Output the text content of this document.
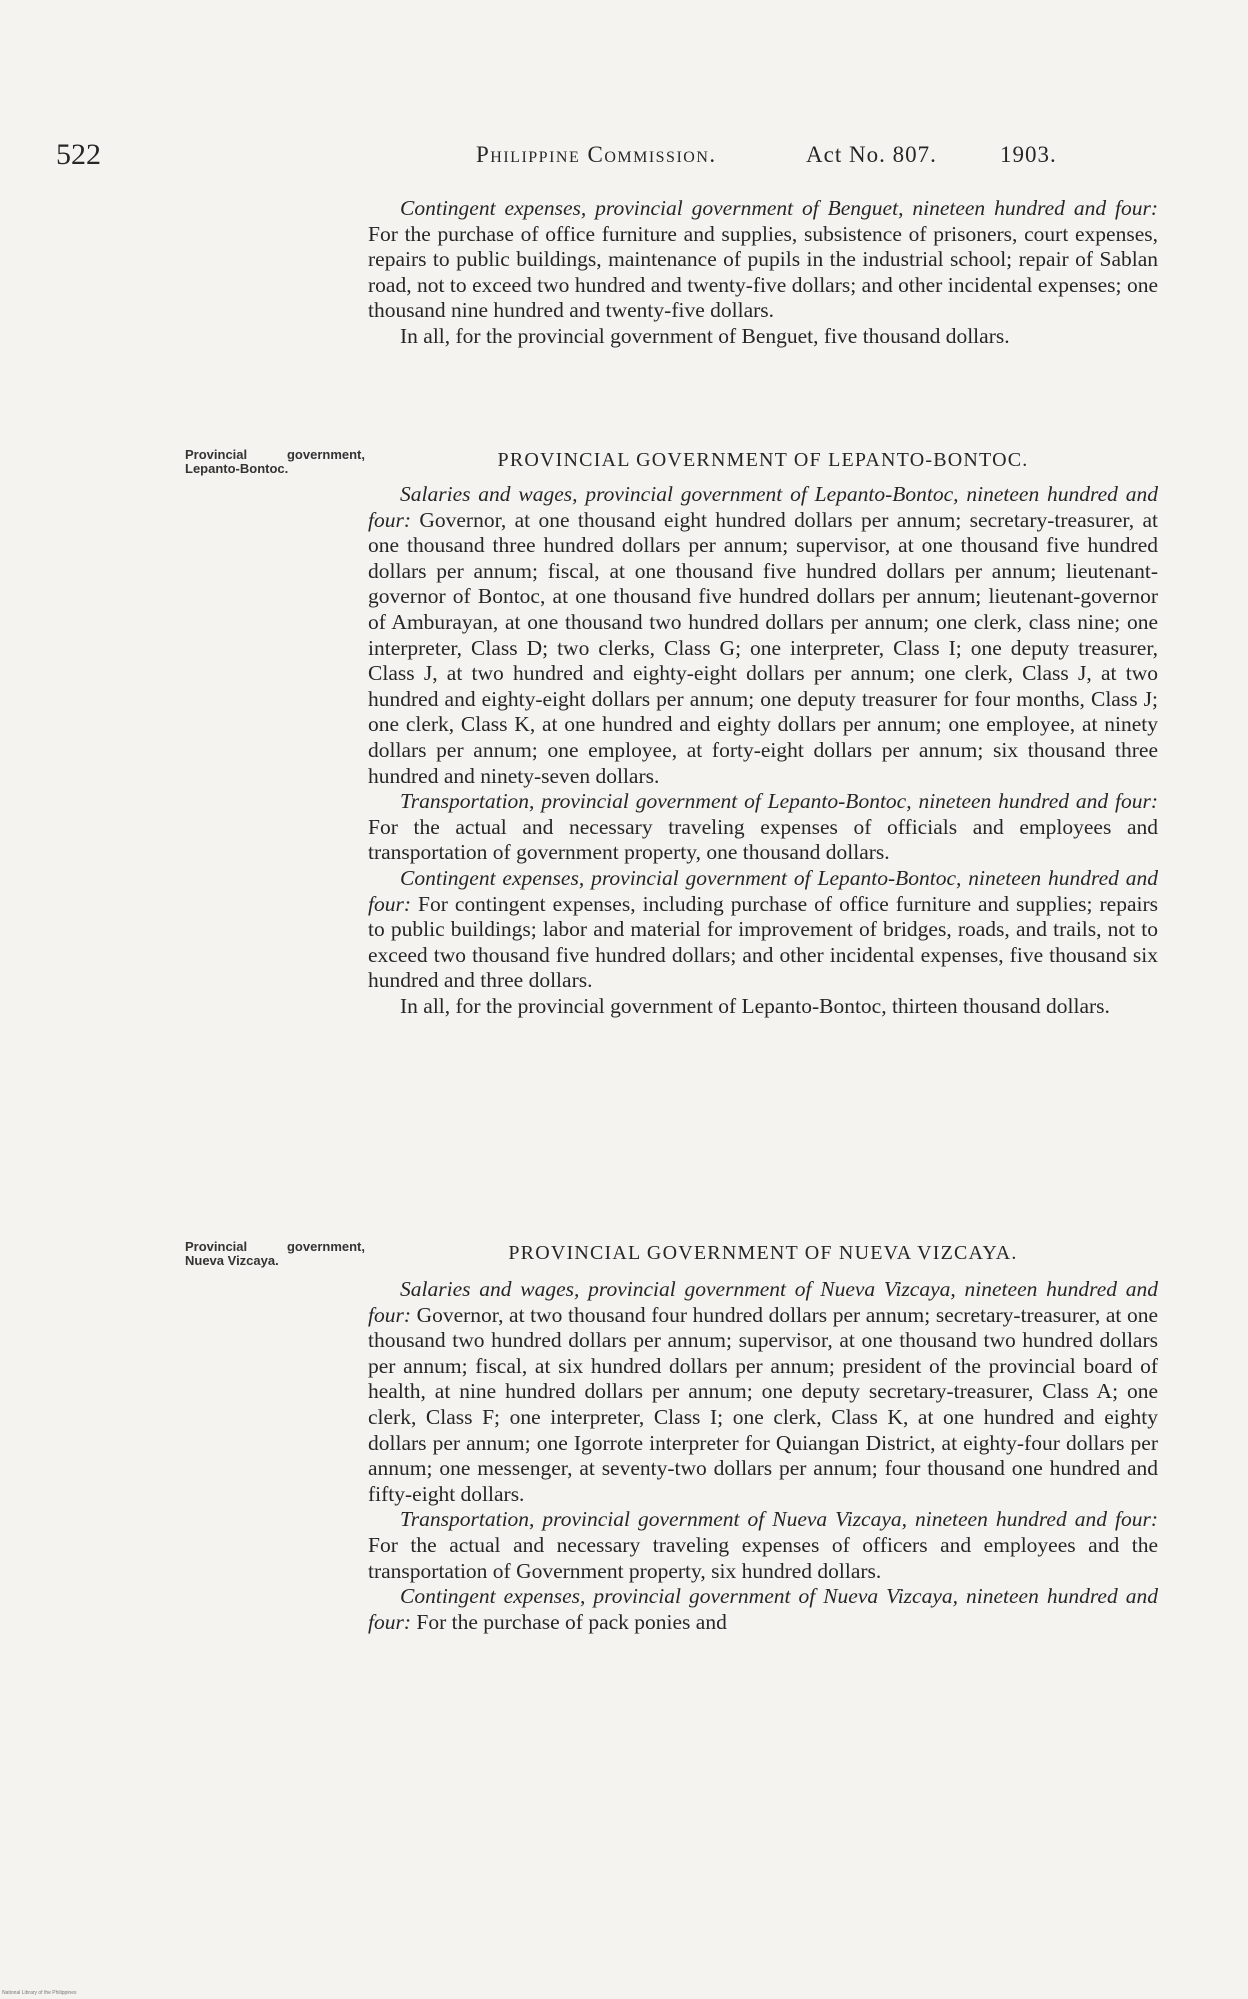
522	Philippine Commission.	Act No. 807.	1903.

Contingent expenses, provincial government of Benguet, nineteen hundred and four: For the purchase of office furniture and supplies, subsistence of prisoners, court expenses, repairs to public buildings, maintenance of pupils in the industrial school; repair of Sablan road, not to exceed two hundred and twenty-five dollars; and other incidental expenses; one thousand nine hundred and twenty-five dollars.

In all, for the provincial government of Benguet, five thousand dollars.

Provincial government, Lepanto-Bontoc.	PROVINCIAL GOVERNMENT OF LEPANTO-BONTOC.

Salaries and wages, provincial government of Lepanto-Bontoc, nineteen hundred and four: Governor, at one thousand eight hundred dollars per annum; secretary-treasurer, at one thousand three hundred dollars per annum; supervisor, at one thousand five hundred dollars per annum; fiscal, at one thousand five hundred dollars per annum; lieutenant-governor of Bontoc, at one thousand five hundred dollars per annum; lieutenant-governor of Amburayan, at one thousand two hundred dollars per annum; one clerk, class nine; one interpreter, Class D; two clerks, Class G; one interpreter, Class I; one deputy treasurer, Class J, at two hundred and eighty-eight dollars per annum; one clerk, Class J, at two hundred and eighty-eight dollars per annum; one deputy treasurer for four months, Class J; one clerk, Class K, at one hundred and eighty dollars per annum; one employee, at ninety dollars per annum; one employee, at forty-eight dollars per annum; six thousand three hundred and ninety-seven dollars.

Transportation, provincial government of Lepanto-Bontoc, nineteen hundred and four: For the actual and necessary traveling expenses of officials and employees and transportation of government property, one thousand dollars.

Contingent expenses, provincial government of Lepanto-Bontoc, nineteen hundred and four: For contingent expenses, including purchase of office furniture and supplies; repairs to public buildings; labor and material for improvement of bridges, roads, and trails, not to exceed two thousand five hundred dollars; and other incidental expenses, five thousand six hundred and three dollars.

In all, for the provincial government of Lepanto-Bontoc, thirteen thousand dollars.

Provincial government, Nueva Vizcaya.	PROVINCIAL GOVERNMENT OF NUEVA VIZCAYA.

Salaries and wages, provincial government of Nueva Vizcaya, nineteen hundred and four: Governor, at two thousand four hundred dollars per annum; secretary-treasurer, at one thousand two hundred dollars per annum; supervisor, at one thousand two hundred dollars per annum; fiscal, at six hundred dollars per annum; president of the provincial board of health, at nine hundred dollars per annum; one deputy secretary-treasurer, Class A; one clerk, Class F; one interpreter, Class I; one clerk, Class K, at one hundred and eighty dollars per annum; one Igorrote interpreter for Quiangan District, at eighty-four dollars per annum; one messenger, at seventy-two dollars per annum; four thousand one hundred and fifty-eight dollars.

Transportation, provincial government of Nueva Vizcaya, nineteen hundred and four: For the actual and necessary traveling expenses of officers and employees and the transportation of Government property, six hundred dollars.

Contingent expenses, provincial government of Nueva Vizcaya, nineteen hundred and four: For the purchase of pack ponies and

National Library of the Philippines
